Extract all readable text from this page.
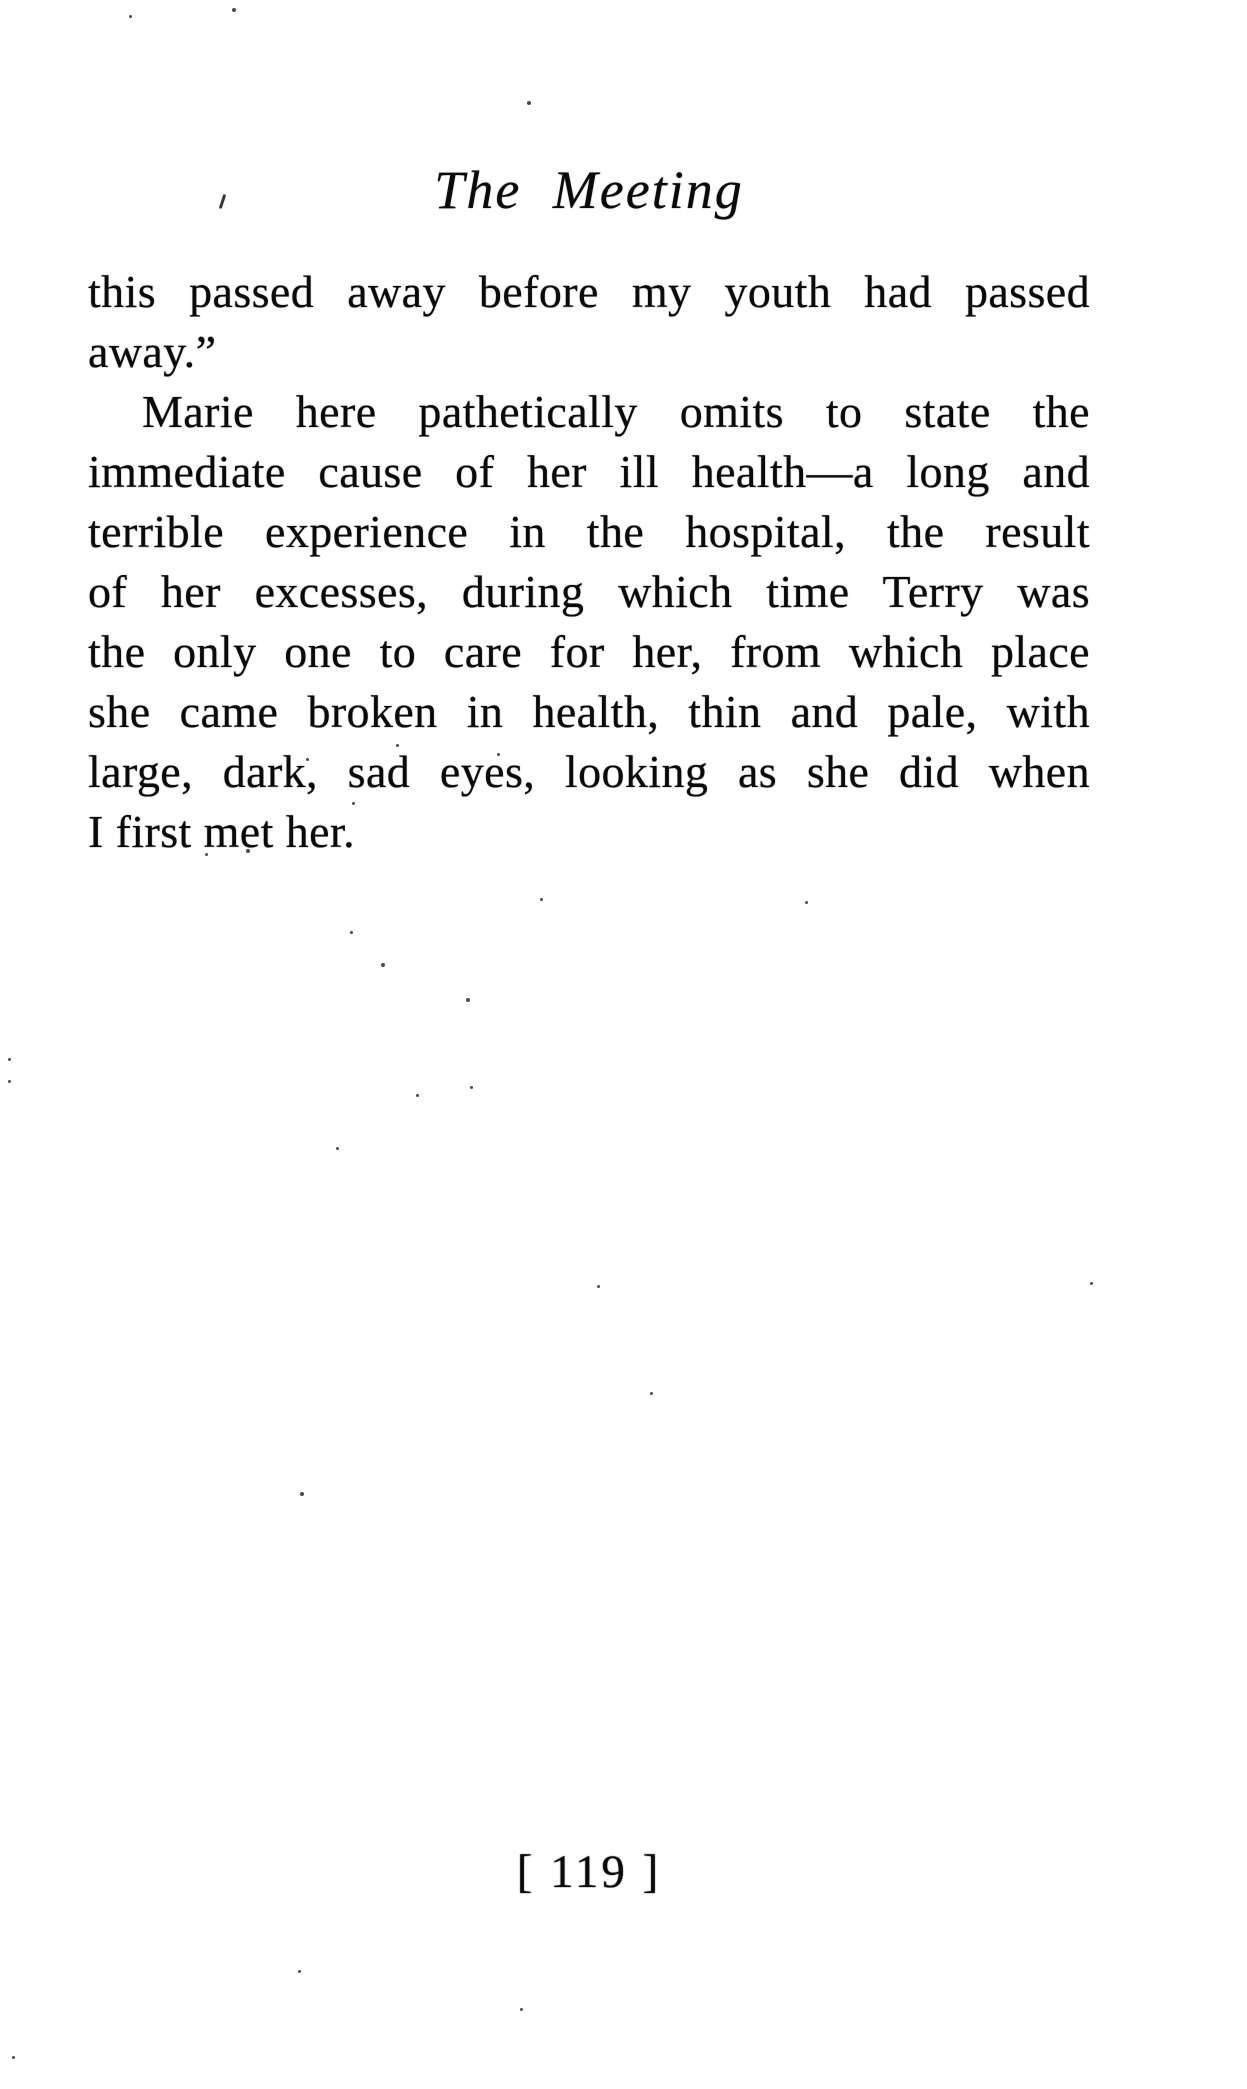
The Meeting
this passed away before my youth had passed
away.”
Marie here pathetically omits to state the
immediate cause of her ill health—a long and
terrible experience in the hospital, the result
of her excesses, during which time Terry was
the only one to care for her, from which place
she came broken in health, thin and pale, with
large, dark, sad eyes, looking as she did when
I first met her.
[ 119 ]
